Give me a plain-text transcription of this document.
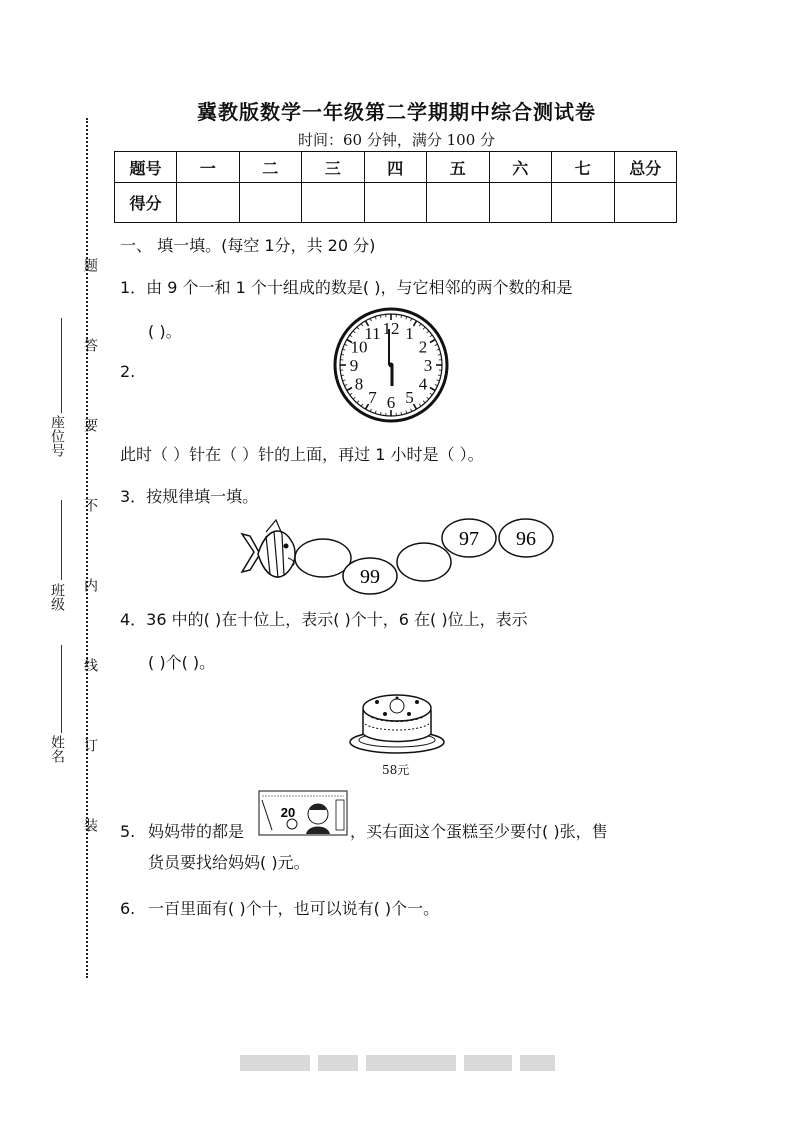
题
答
要
不
内
线
订
装
座位号
班级
姓名
冀教版数学一年级第二学期期中综合测试卷
时间：60 分钟，满分 100 分
题号	一	二	三	四	五	六	七	总分
得分								
一、 填一填。(每空 1分，共 20 分)
1．由 9 个一和 1 个十组成的数是( )，与它相邻的两个数的和是
( )。
2.
12 1
2
3
4
5
6
7
8
9
10
11
此时（ ）针在（ ）针的上面，再过 1 小时是（ ）。
3．按规律填一填。
97 96
99
4．36 中的( )在十位上，表示( )个十，6 在( )位上，表示
( )个( )。
58元
5. 妈妈带的都是
20
，买右面这个蛋糕至少要付( )张，售
货员要找给妈妈( )元。
6. 一百里面有( )个十，也可以说有( )个一。
